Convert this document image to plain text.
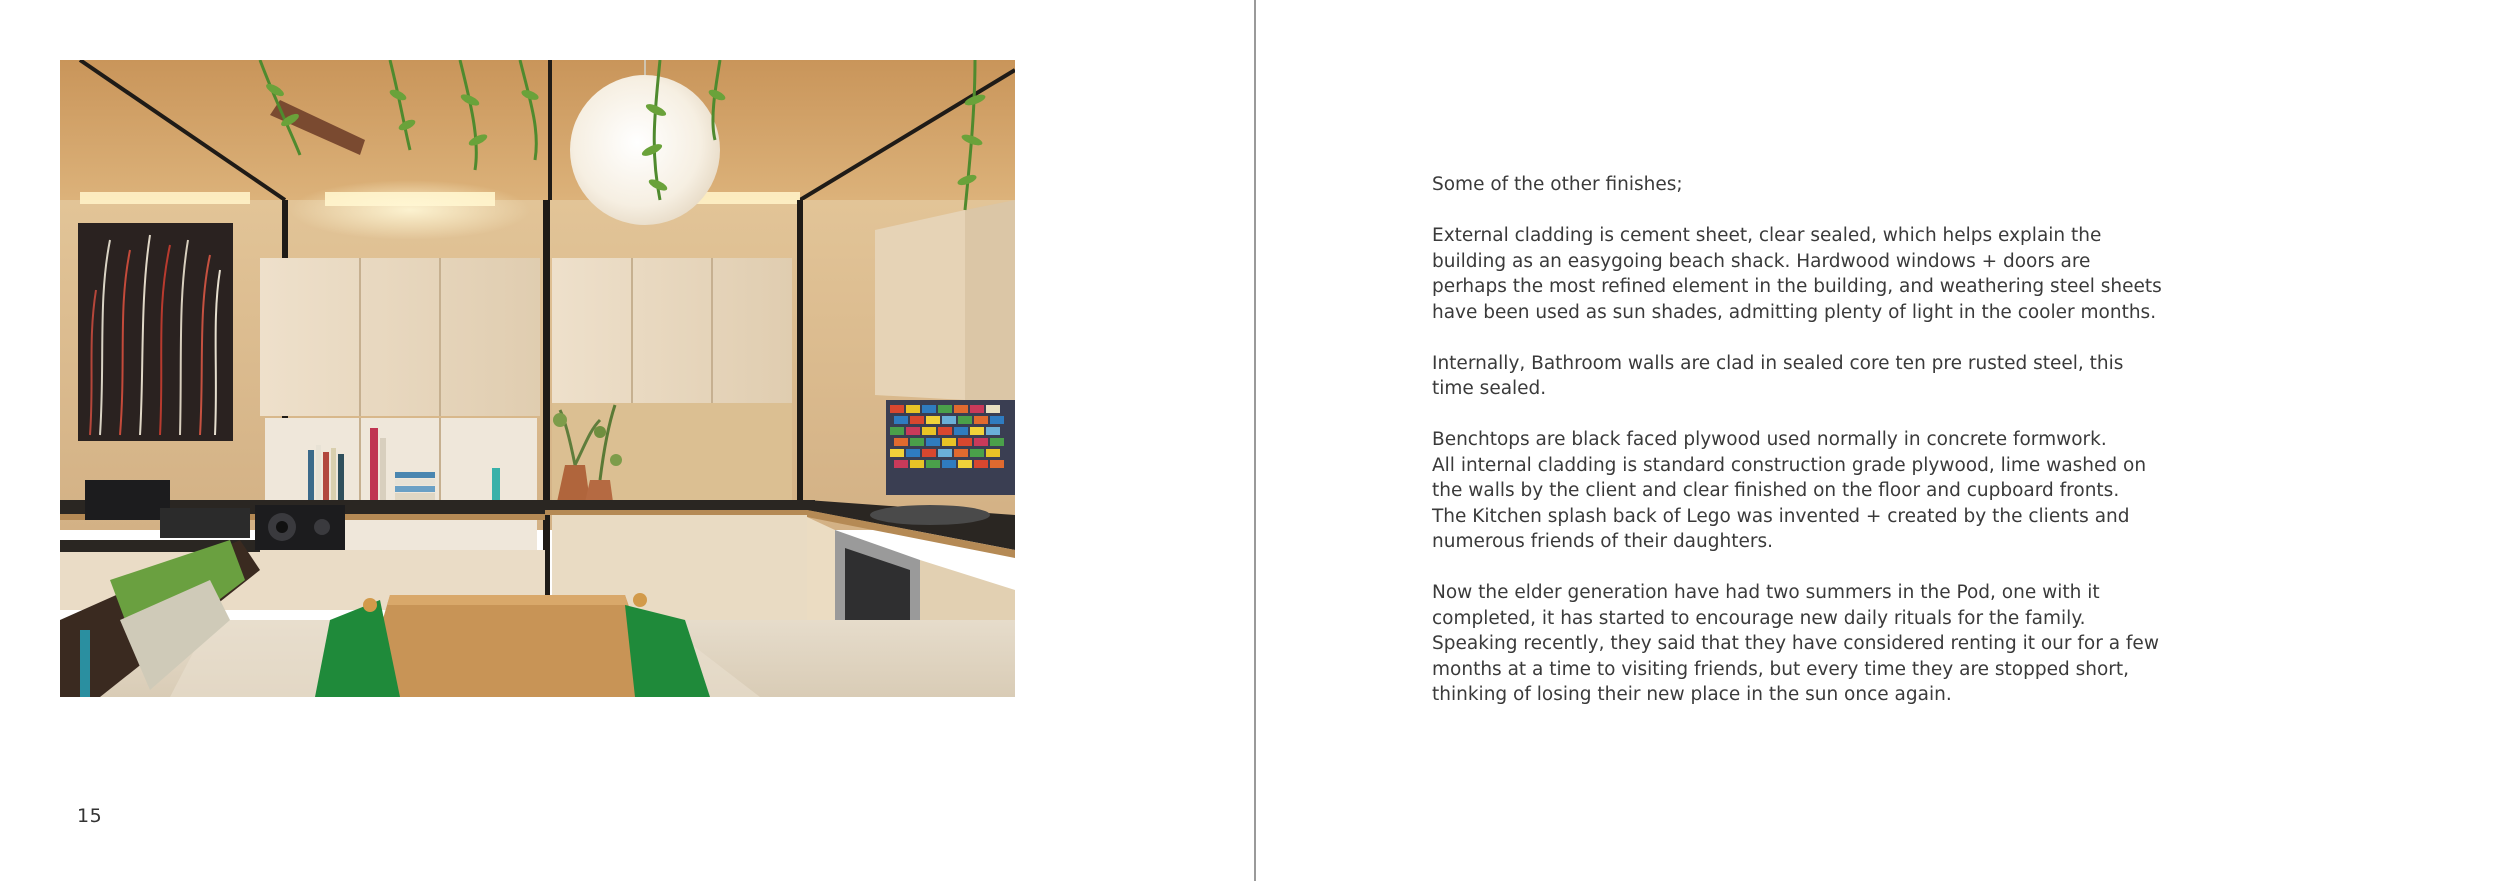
15

Some of the other finishes;

External cladding is cement sheet, clear sealed, which helps explain the
building as an easygoing beach shack. Hardwood windows + doors are
perhaps the most refined element in the building, and weathering steel sheets
have been used as sun shades, admitting plenty of light in the cooler months.

Internally, Bathroom walls are clad in sealed core ten pre rusted steel, this
time sealed.

Benchtops are black faced plywood used normally in concrete formwork.
All internal cladding is standard construction grade plywood, lime washed on
the walls by the client and clear finished on the floor and cupboard fronts.
The Kitchen splash back of Lego was invented + created by the clients and
numerous friends of their daughters.

Now the elder generation have had two summers in the Pod, one with it
completed, it has started to encourage new daily rituals for the family.
Speaking recently, they said that they have considered renting it our for a few
months at a time to visiting friends, but every time they are stopped short,
thinking of losing their new place in the sun once again.
